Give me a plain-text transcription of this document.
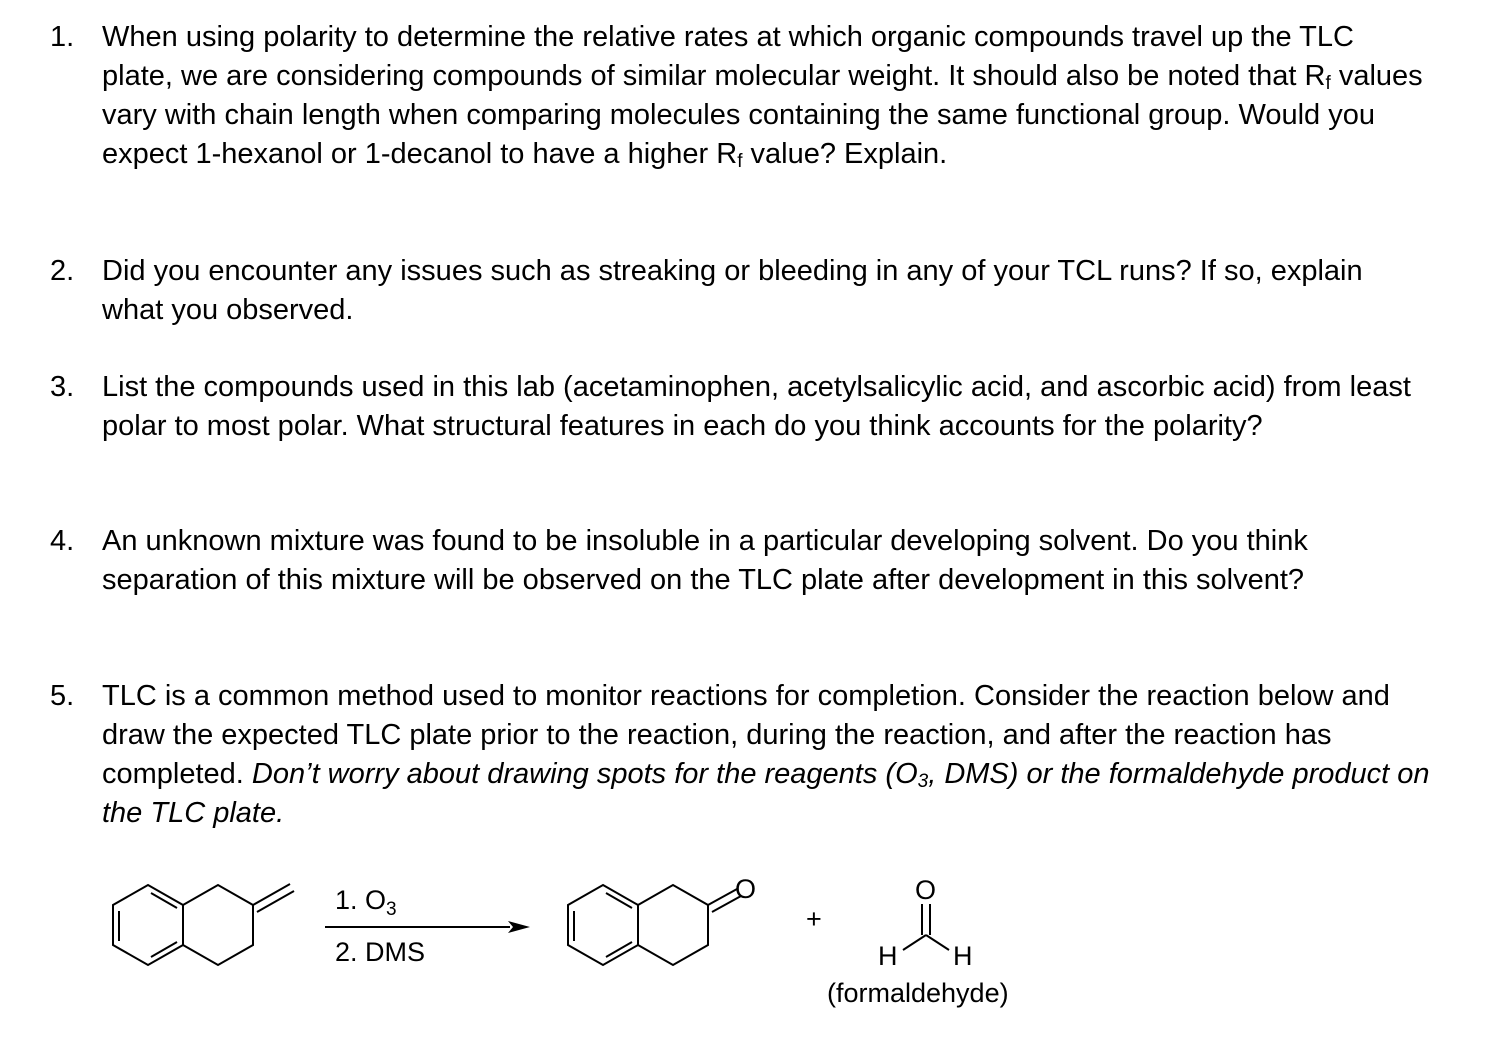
1. When using polarity to determine the relative rates at which organic compounds travel up the TLC plate, we are considering compounds of similar molecular weight. It should also be noted that $R_f$ values vary with chain length when comparing molecules containing the same functional group. Would you expect 1-hexanol or 1-decanol to have a higher $R_f$ value? Explain.
2. Did you encounter any issues such as streaking or bleeding in any of your TCL runs? If so, explain what you observed.
3. List the compounds used in this lab (acetaminophen, acetylsalicylic acid, and ascorbic acid) from least polar to most polar. What structural features in each do you think accounts for the polarity?
4. An unknown mixture was found to be insoluble in a particular developing solvent. Do you think separation of this mixture will be observed on the TLC plate after development in this solvent?
5. TLC is a common method used to monitor reactions for completion. Consider the reaction below and draw the expected TLC plate prior to the reaction, during the reaction, and after the reaction has completed. Don’t worry about drawing spots for the reagents ($O_3$, DMS) or the formaldehyde product on the TLC plate.
1. $O_3$
2. DMS
O
+
O
H H
(formaldehyde)
